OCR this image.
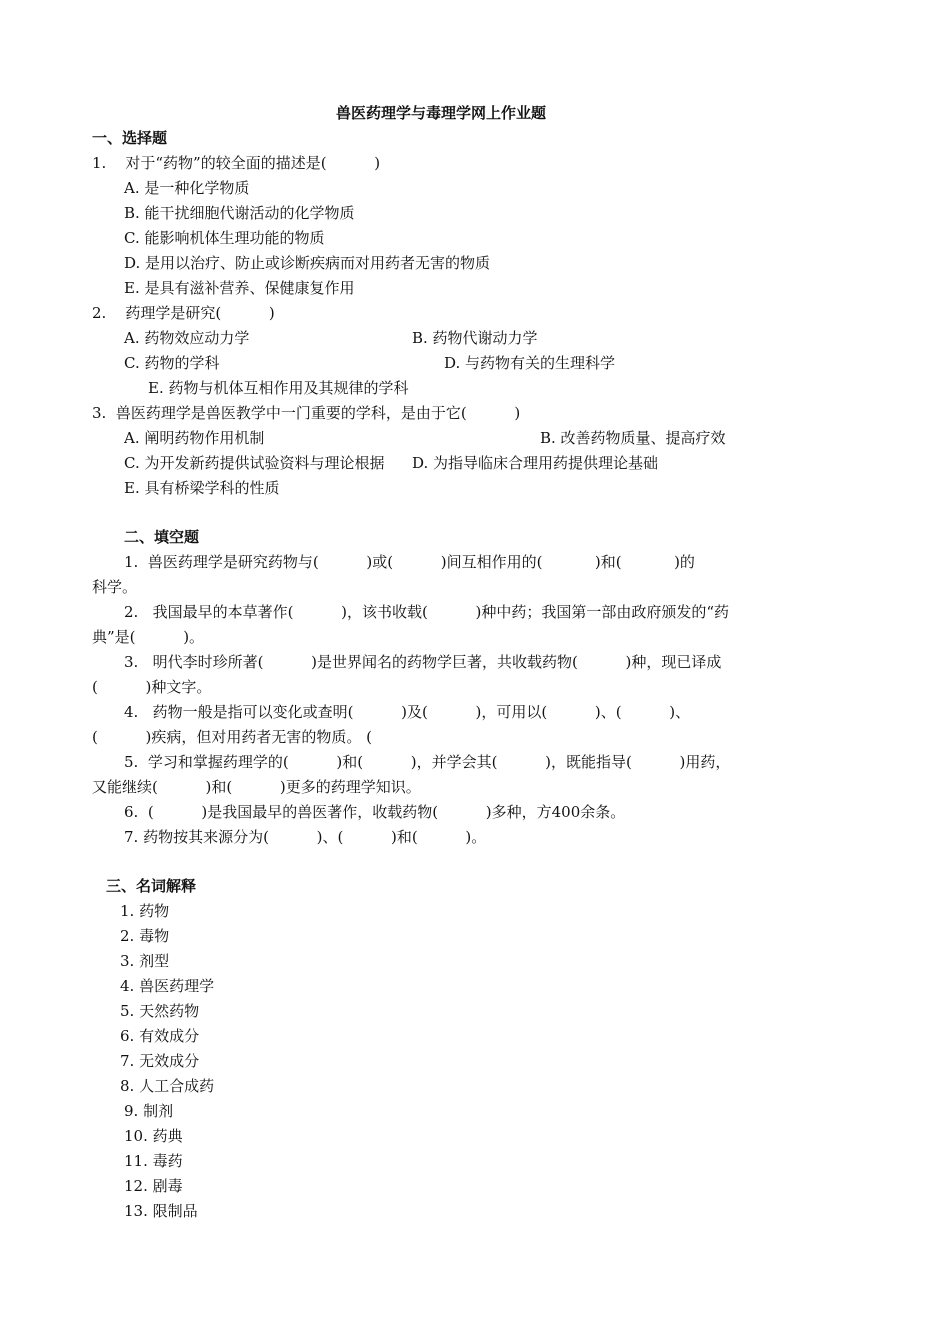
兽医药理学与毒理学网上作业题
一、选择题
1.    对于“药物”的较全面的描述是(          )
A. 是一种化学物质
B. 能干扰细胞代谢活动的化学物质
C. 能影响机体生理功能的物质
D. 是用以治疗、防止或诊断疾病而对用药者无害的物质
E. 是具有滋补营养、保健康复作用
2.    药理学是研究(          )
A. 药物效应动力学	B. 药物代谢动力学
C. 药物的学科	D. 与药物有关的生理科学
E. 药物与机体互相作用及其规律的学科
3.  兽医药理学是兽医教学中一门重要的学科，是由于它(          )
A. 阐明药物作用机制	B. 改善药物质量、提高疗效
C. 为开发新药提供试验资料与理论根据 D. 为指导临床合理用药提供理论基础
E. 具有桥梁学科的性质
二、填空题
1.  兽医药理学是研究药物与(          )或(          )间互相作用的(           )和(           )的
科学。
2.   我国最早的本草著作(          )，该书收载(          )种中药；我国第一部由政府颁发的“药
典”是(          )。
3.   明代李时珍所著(          )是世界闻名的药物学巨著，共收载药物(          )种，现已译成
(          )种文字。
4.   药物一般是指可以变化或查明(          )及(          )，可用以(          )、(          )、
(          )疾病，但对用药者无害的物质。 (
5.  学习和掌握药理学的(          )和(          )，并学会其(          )，既能指导(          )用药，
又能继续(          )和(          )更多的药理学知识。
6.  (          )是我国最早的兽医著作，收载药物(          )多种，方400余条。
7. 药物按其来源分为(          )、(          )和(          )。
三、名词解释
1. 药物
2. 毒物
3. 剂型
4. 兽医药理学
5. 天然药物
6. 有效成分
7. 无效成分
8. 人工合成药
9. 制剂
10. 药典
11. 毒药
12. 剧毒
13. 限制品
